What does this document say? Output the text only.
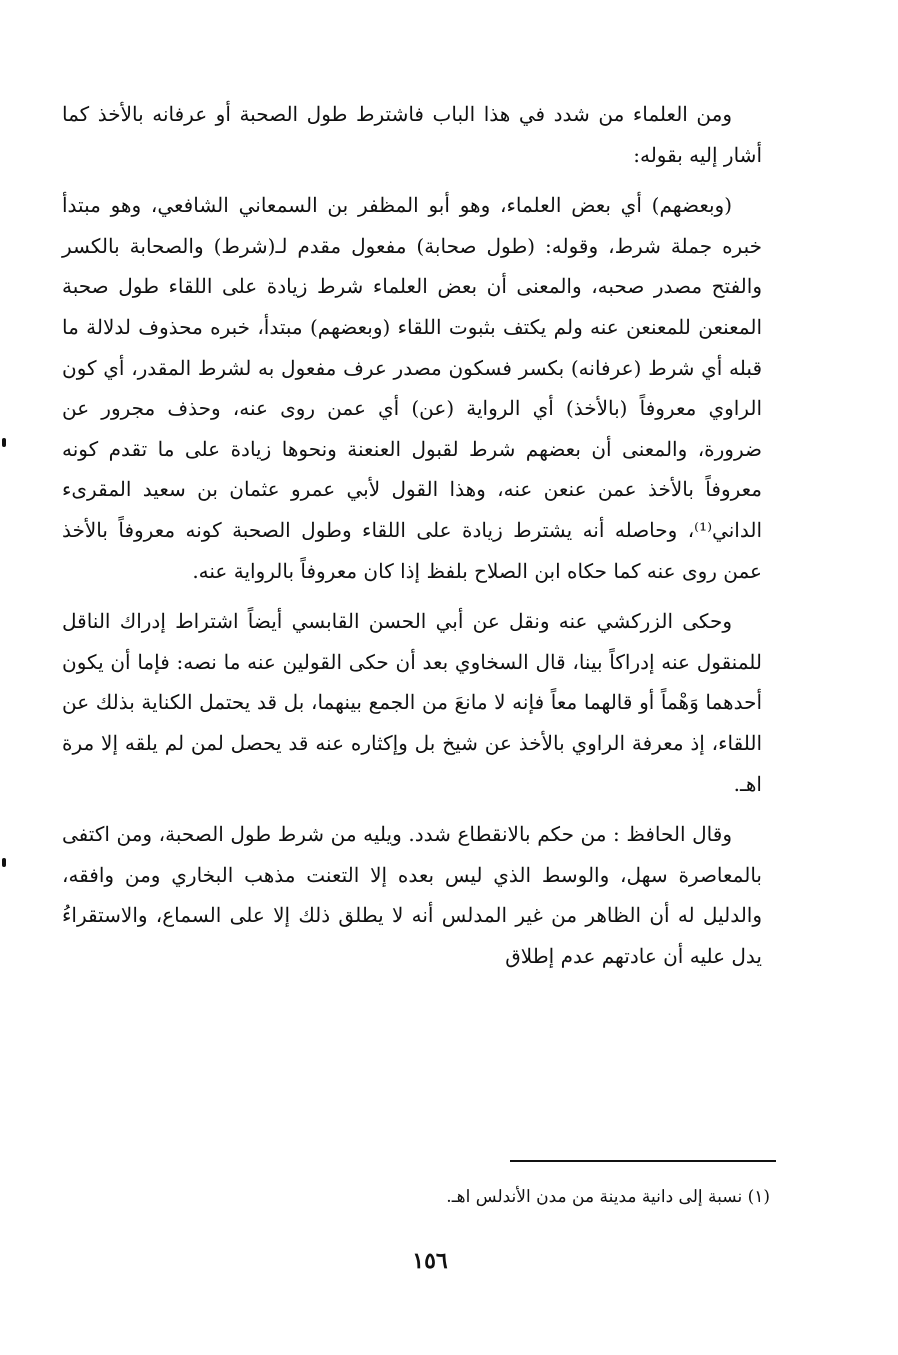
ومن العلماء من شدد في هذا الباب فاشترط طول الصحبة أو عرفانه بالأخذ كما أشار إليه بقوله:

(وبعضهم) أي بعض العلماء، وهو أبو المظفر بن السمعاني الشافعي، وهو مبتدأ خبره جملة شرط، وقوله: (طول صحابة) مفعول مقدم لـ(شرط) والصحابة بالكسر والفتح مصدر صحبه، والمعنى أن بعض العلماء شرط زيادة على اللقاء طول صحبة المعنعن للمعنعن عنه ولم يكتف بثبوت اللقاء (وبعضهم) مبتدأ، خبره محذوف لدلالة ما قبله أي شرط (عرفانه) بكسر فسكون مصدر عرف مفعول به لشرط المقدر، أي كون الراوي معروفاً (بالأخذ) أي الرواية (عن) أي عمن روى عنه، وحذف مجرور عن ضرورة، والمعنى أن بعضهم شرط لقبول العنعنة ونحوها زيادة على ما تقدم كونه معروفاً بالأخذ عمن عنعن عنه، وهذا القول لأبي عمرو عثمان بن سعيد المقرىء الداني⁽¹⁾، وحاصله أنه يشترط زيادة على اللقاء وطول الصحبة كونه معروفاً بالأخذ عمن روى عنه كما حكاه ابن الصلاح بلفظ إذا كان معروفاً بالرواية عنه.

وحكى الزركشي عنه ونقل عن أبي الحسن القابسي أيضاً اشتراط إدراك الناقل للمنقول عنه إدراكاً بينا، قال السخاوي بعد أن حكى القولين عنه ما نصه: فإما أن يكون أحدهما وَهْماً أو قالهما معاً فإنه لا مانعَ من الجمع بينهما، بل قد يحتمل الكناية بذلك عن اللقاء، إذ معرفة الراوي بالأخذ عن شيخ بل وإكثاره عنه قد يحصل لمن لم يلقه إلا مرة اهـ.

وقال الحافظ : من حكم بالانقطاع شدد. ويليه من شرط طول الصحبة، ومن اكتفى بالمعاصرة سهل، والوسط الذي ليس بعده إلا التعنت مذهب البخاري ومن وافقه، والدليل له أن الظاهر من غير المدلس أنه لا يطلق ذلك إلا على السماع، والاستقراءُ يدل عليه أن عادتهم عدم إطلاق

(١) نسبة إلى دانية مدينة من مدن الأندلس اهـ.
١٥٦
